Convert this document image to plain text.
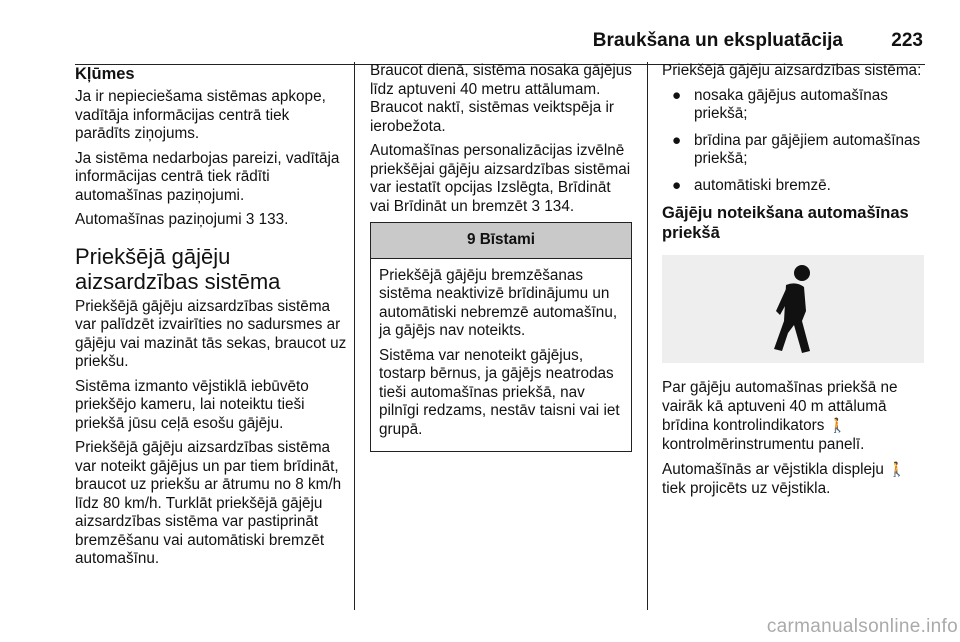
Braukšana un ekspluatācija	223
Kļūmes

Ja ir nepieciešama sistēmas apkope, vadītāja informācijas centrā tiek parādīts ziņojums.

Ja sistēma nedarbojas pareizi, vadītāja informācijas centrā tiek rādīti automašīnas paziņojumi.

Automašīnas paziņojumi 3 133.

Priekšējā gājēju aizsardzības sistēma

Priekšējā gājēju aizsardzības sistēma var palīdzēt izvairīties no sadursmes ar gājēju vai mazināt tās sekas, braucot uz priekšu.

Sistēma izmanto vējstiklā iebūvēto priekšējo kameru, lai noteiktu tieši priekšā jūsu ceļā esošu gājēju.

Priekšējā gājēju aizsardzības sistēma var noteikt gājējus un par tiem brīdināt, braucot uz priekšu ar ātrumu no 8 km/h līdz 80 km/h. Turklāt priekšējā gājēju aizsardzības sistēma var pastiprināt bremzēšanu vai automātiski bremzēt automašīnu.

Braucot dienā, sistēma nosaka gājējus līdz aptuveni 40 metru attālumam. Braucot naktī, sistēmas veiktspēja ir ierobežota.

Automašīnas personalizācijas izvēlnē priekšējai gājēju aizsardzības sistēmai var iestatīt opcijas Izslēgta, Brīdināt vai Brīdināt un bremzēt 3 134.

9 Bīstami

Priekšējā gājēju bremzēšanas sistēma neaktivizē brīdinājumu un automātiski nebremzē automašīnu, ja gājējs nav noteikts.

Sistēma var nenoteikt gājējus, tostarp bērnus, ja gājējs neatrodas tieši automašīnas priekšā, nav pilnīgi redzams, nestāv taisni vai iet grupā.

Priekšējā gājēju aizsardzības sistēma:

● nosaka gājējus automašīnas priekšā;
● brīdina par gājējiem automašīnas priekšā;
● automātiski bremzē.
Gājēju noteikšana automašīnas priekšā

Par gājēju automašīnas priekšā ne vairāk kā aptuveni 40 m attālumā brīdina kontrolindikators 🚶
kontrolmērinstrumentu panelī.

Automašīnās ar vējstikla displeju 🚶
tiek projicēts uz vējstikla.

carmanualsonline.info
